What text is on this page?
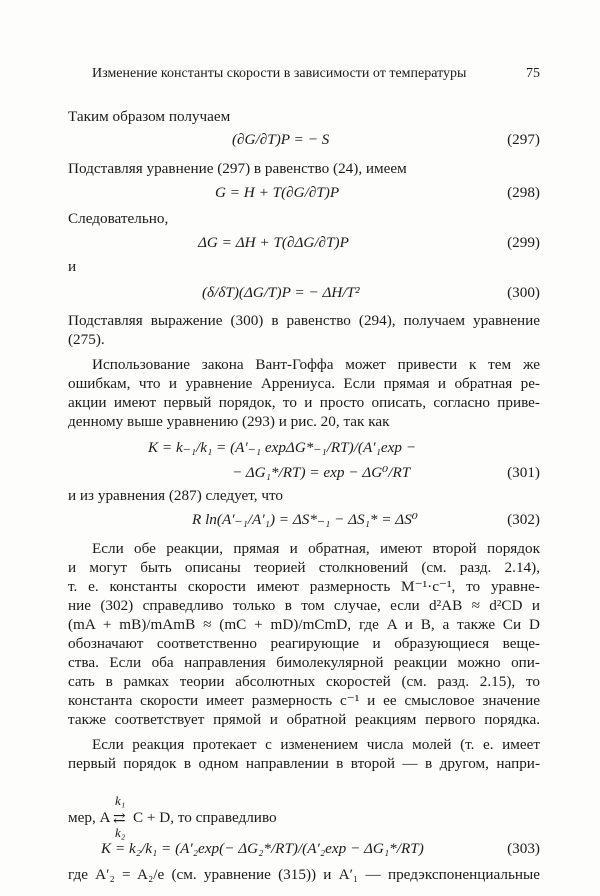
Изменение константы скорости в зависимости от температуры	75
Таким образом получаем
(∂G/∂T)P = − S	(297)
Подставляя уравнение (297) в равенство (24), имеем
G = H + T(∂G/∂T)P	(298)
Следовательно,
ΔG = ΔH + T(∂ΔG/∂T)P	(299)
и
(δ/δT)(ΔG/T)P = − ΔH/T²	(300)
Подставляя выражение (300) в равенство (294), получаем уравнение
(275).
Использование закона Вант-Гоффа может привести к тем же
ошибкам, что и уравнение Аррениуса. Если прямая и обратная ре-
акции имеют первый порядок, то и просто описать, согласно приве-
денному выше уравнению (293) и рис. 20, так как
K = k₋₁/k₁ = (A′₋₁ expΔG*₋₁/RT)/(A′₁exp −
− ΔG₁*/RT) = exp − ΔG⁰/RT	(301)
и из уравнения (287) следует, что
R ln(A′₋₁/A′₁) = ΔS*₋₁ − ΔS₁* = ΔS⁰	(302)
Если обе реакции, прямая и обратная, имеют второй порядок
и могут быть описаны теорией столкновений (см. разд. 2.14),
т. е. константы скорости имеют размерность М⁻¹·с⁻¹, то уравне-
ние (302) справедливо только в том случае, если d²AB ≈ d²CD и
(mA + mB)/mAmB ≈ (mC + mD)/mCmD, где A и B, а также Cи D
обозначают соответственно реагирующие и образующиеся веще-
ства. Если оба направления бимолекулярной реакции можно опи-
сать в рамках теории абсолютных скоростей (см. разд. 2.15), то
константа скорости имеет размерность с⁻¹ и ее смысловое значение
также соответствует прямой и обратной реакциям первого порядка.
Если реакция протекает с изменением числа молей (т. е. имеет
первый порядок в одном направлении в второй — в другом, напри-
мер, A
k₁
⇄
k₂
C + D, то справедливо
K = k₂/k₁ = (A′₂exp(− ΔG₂*/RT)/(A′₂exp − ΔG₁*/RT)	(303)
где A′₂ = A₂/e (см. уравнение (315)) и A′₁ — предэкспоненциальные
